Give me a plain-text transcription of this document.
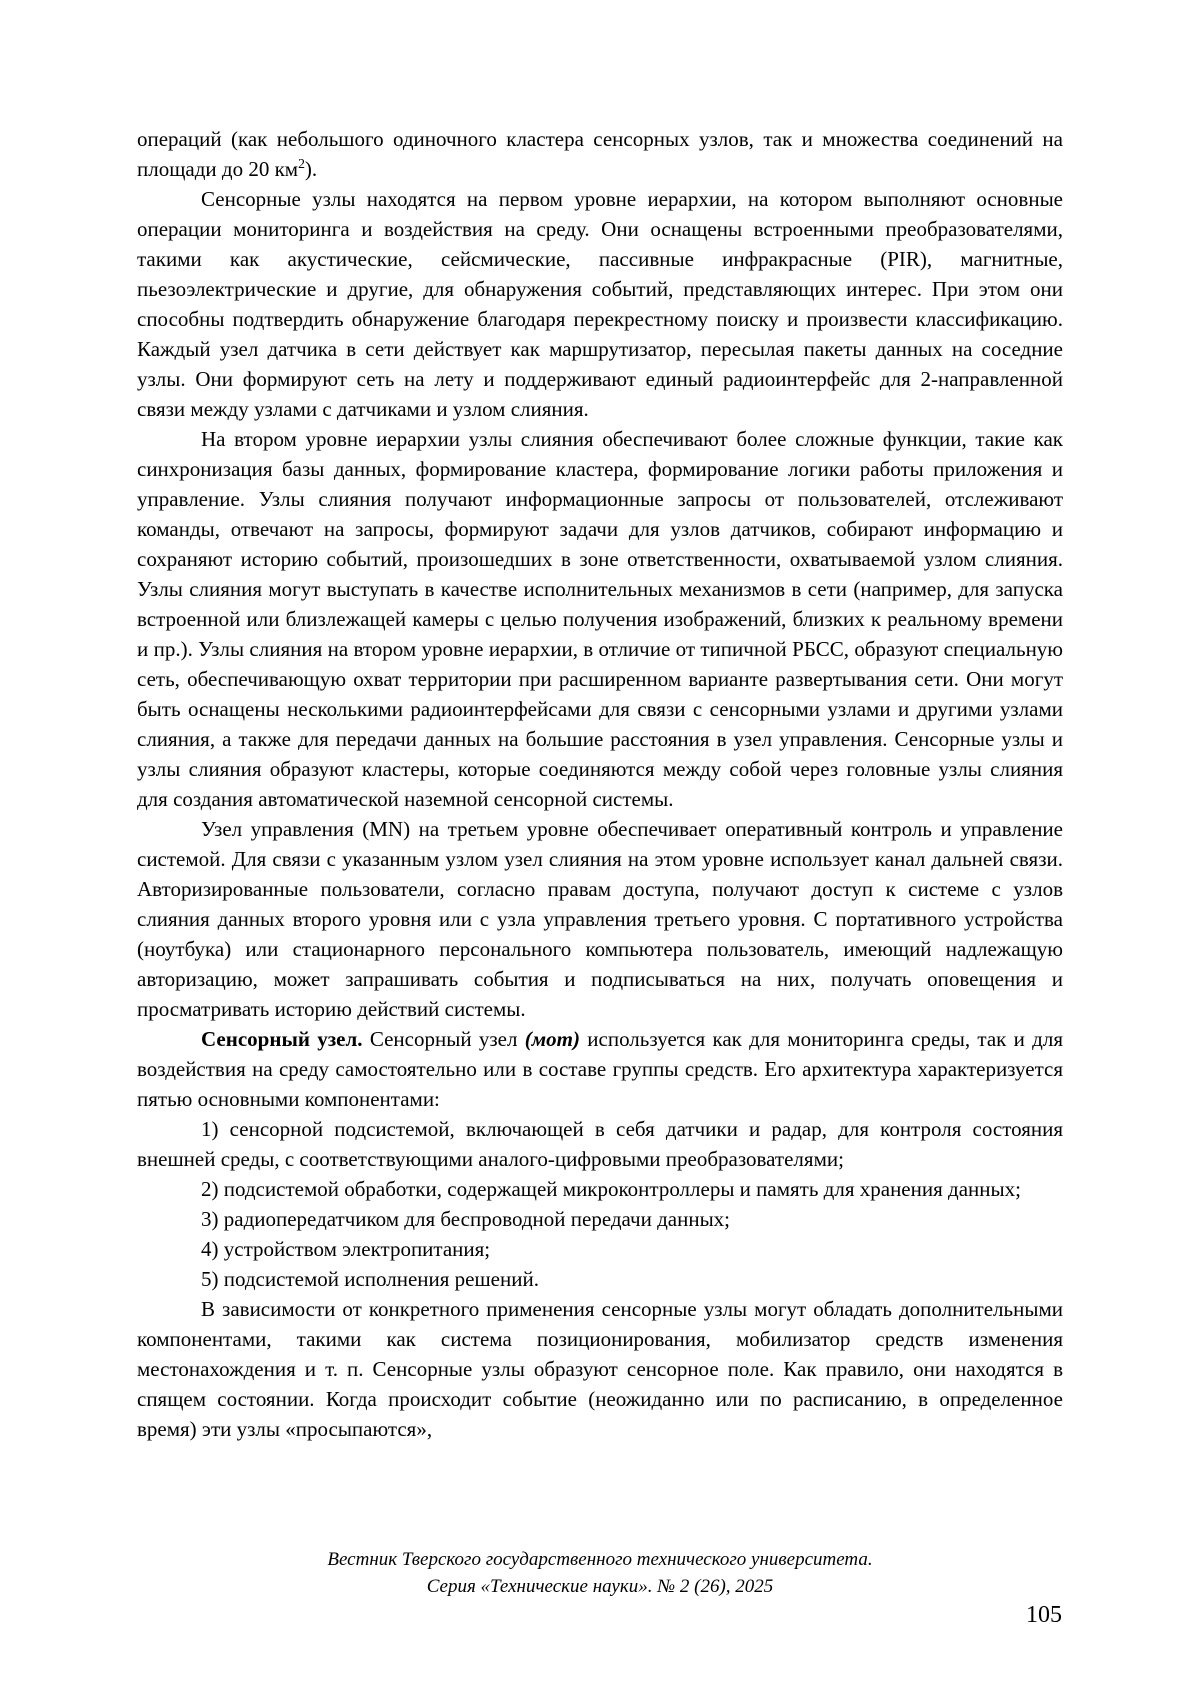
операций (как небольшого одиночного кластера сенсорных узлов, так и множества соединений на площади до 20 $км^2$).

Сенсорные узлы находятся на первом уровне иерархии, на котором выполняют основные операции мониторинга и воздействия на среду. Они оснащены встроенными преобразователями, такими как акустические, сейсмические, пассивные инфракрасные (PIR), магнитные, пьезоэлектрические и другие, для обнаружения событий, представляющих интерес. При этом они способны подтвердить обнаружение благодаря перекрестному поиску и произвести классификацию. Каждый узел датчика в сети действует как маршрутизатор, пересылая пакеты данных на соседние узлы. Они формируют сеть на лету и поддерживают единый радиоинтерфейс для 2-направленной связи между узлами с датчиками и узлом слияния.

На втором уровне иерархии узлы слияния обеспечивают более сложные функции, такие как синхронизация базы данных, формирование кластера, формирование логики работы приложения и управление. Узлы слияния получают информационные запросы от пользователей, отслеживают команды, отвечают на запросы, формируют задачи для узлов датчиков, собирают информацию и сохраняют историю событий, произошедших в зоне ответственности, охватываемой узлом слияния. Узлы слияния могут выступать в качестве исполнительных механизмов в сети (например, для запуска встроенной или близлежащей камеры с целью получения изображений, близких к реальному времени и пр.). Узлы слияния на втором уровне иерархии, в отличие от типичной РБСС, образуют специальную сеть, обеспечивающую охват территории при расширенном варианте развертывания сети. Они могут быть оснащены несколькими радиоинтерфейсами для связи с сенсорными узлами и другими узлами слияния, а также для передачи данных на большие расстояния в узел управления. Сенсорные узлы и узлы слияния образуют кластеры, которые соединяются между собой через головные узлы слияния для создания автоматической наземной сенсорной системы.

Узел управления (MN) на третьем уровне обеспечивает оперативный контроль и управление системой. Для связи с указанным узлом узел слияния на этом уровне использует канал дальней связи. Авторизированные пользователи, согласно правам доступа, получают доступ к системе с узлов слияния данных второго уровня или с узла управления третьего уровня. С портативного устройства (ноутбука) или стационарного персонального компьютера пользователь, имеющий надлежащую авторизацию, может запрашивать события и подписываться на них, получать оповещения и просматривать историю действий системы.

Сенсорный узел. Сенсорный узел (мот) используется как для мониторинга среды, так и для воздействия на среду самостоятельно или в составе группы средств. Его архитектура характеризуется пятью основными компонентами:

1) сенсорной подсистемой, включающей в себя датчики и радар, для контроля состояния внешней среды, с соответствующими аналого-цифровыми преобразователями;

2) подсистемой обработки, содержащей микроконтроллеры и память для хранения данных;

3) радиопередатчиком для беспроводной передачи данных;

4) устройством электропитания;

5) подсистемой исполнения решений.

В зависимости от конкретного применения сенсорные узлы могут обладать дополнительными компонентами, такими как система позиционирования, мобилизатор средств изменения местонахождения и т. п. Сенсорные узлы образуют сенсорное поле. Как правило, они находятся в спящем состоянии. Когда происходит событие (неожиданно или по расписанию, в определенное время) эти узлы «просыпаются»,

Вестник Тверского государственного технического университета.
Серия «Технические науки». № 2 (26), 2025
105
